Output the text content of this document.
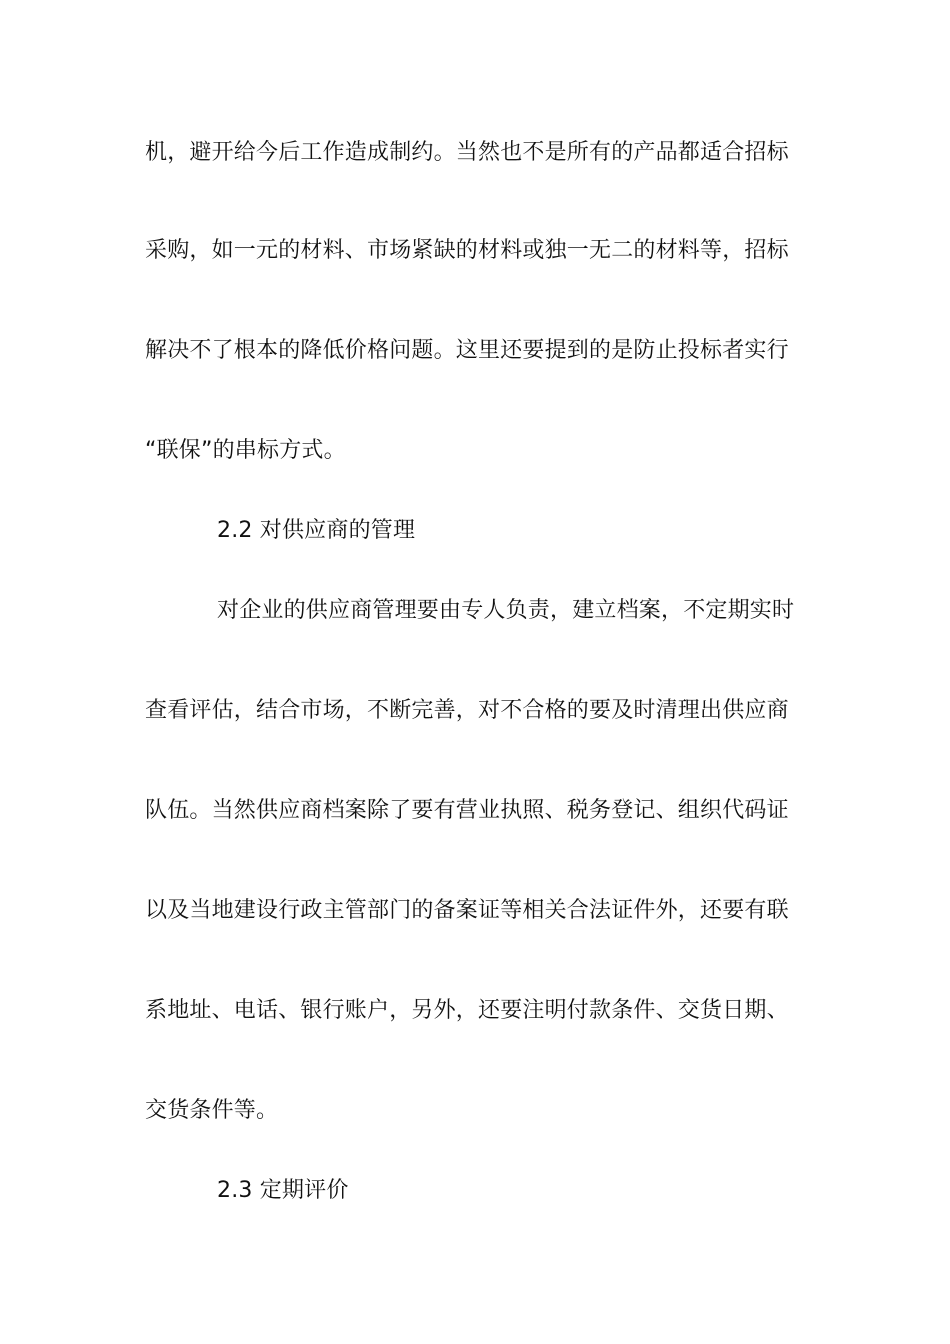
机，避开给今后工作造成制约。当然也不是所有的产品都适合招标
采购，如一元的材料、市场紧缺的材料或独一无二的材料等，招标
解决不了根本的降低价格问题。这里还要提到的是防止投标者实行
“联保”的串标方式。
2.2 对供应商的管理
对企业的供应商管理要由专人负责，建立档案，不定期实时
查看评估，结合市场，不断完善，对不合格的要及时清理出供应商
队伍。当然供应商档案除了要有营业执照、税务登记、组织代码证
以及当地建设行政主管部门的备案证等相关合法证件外，还要有联
系地址、电话、银行账户，另外，还要注明付款条件、交货日期、
交货条件等。
2.3 定期评价
